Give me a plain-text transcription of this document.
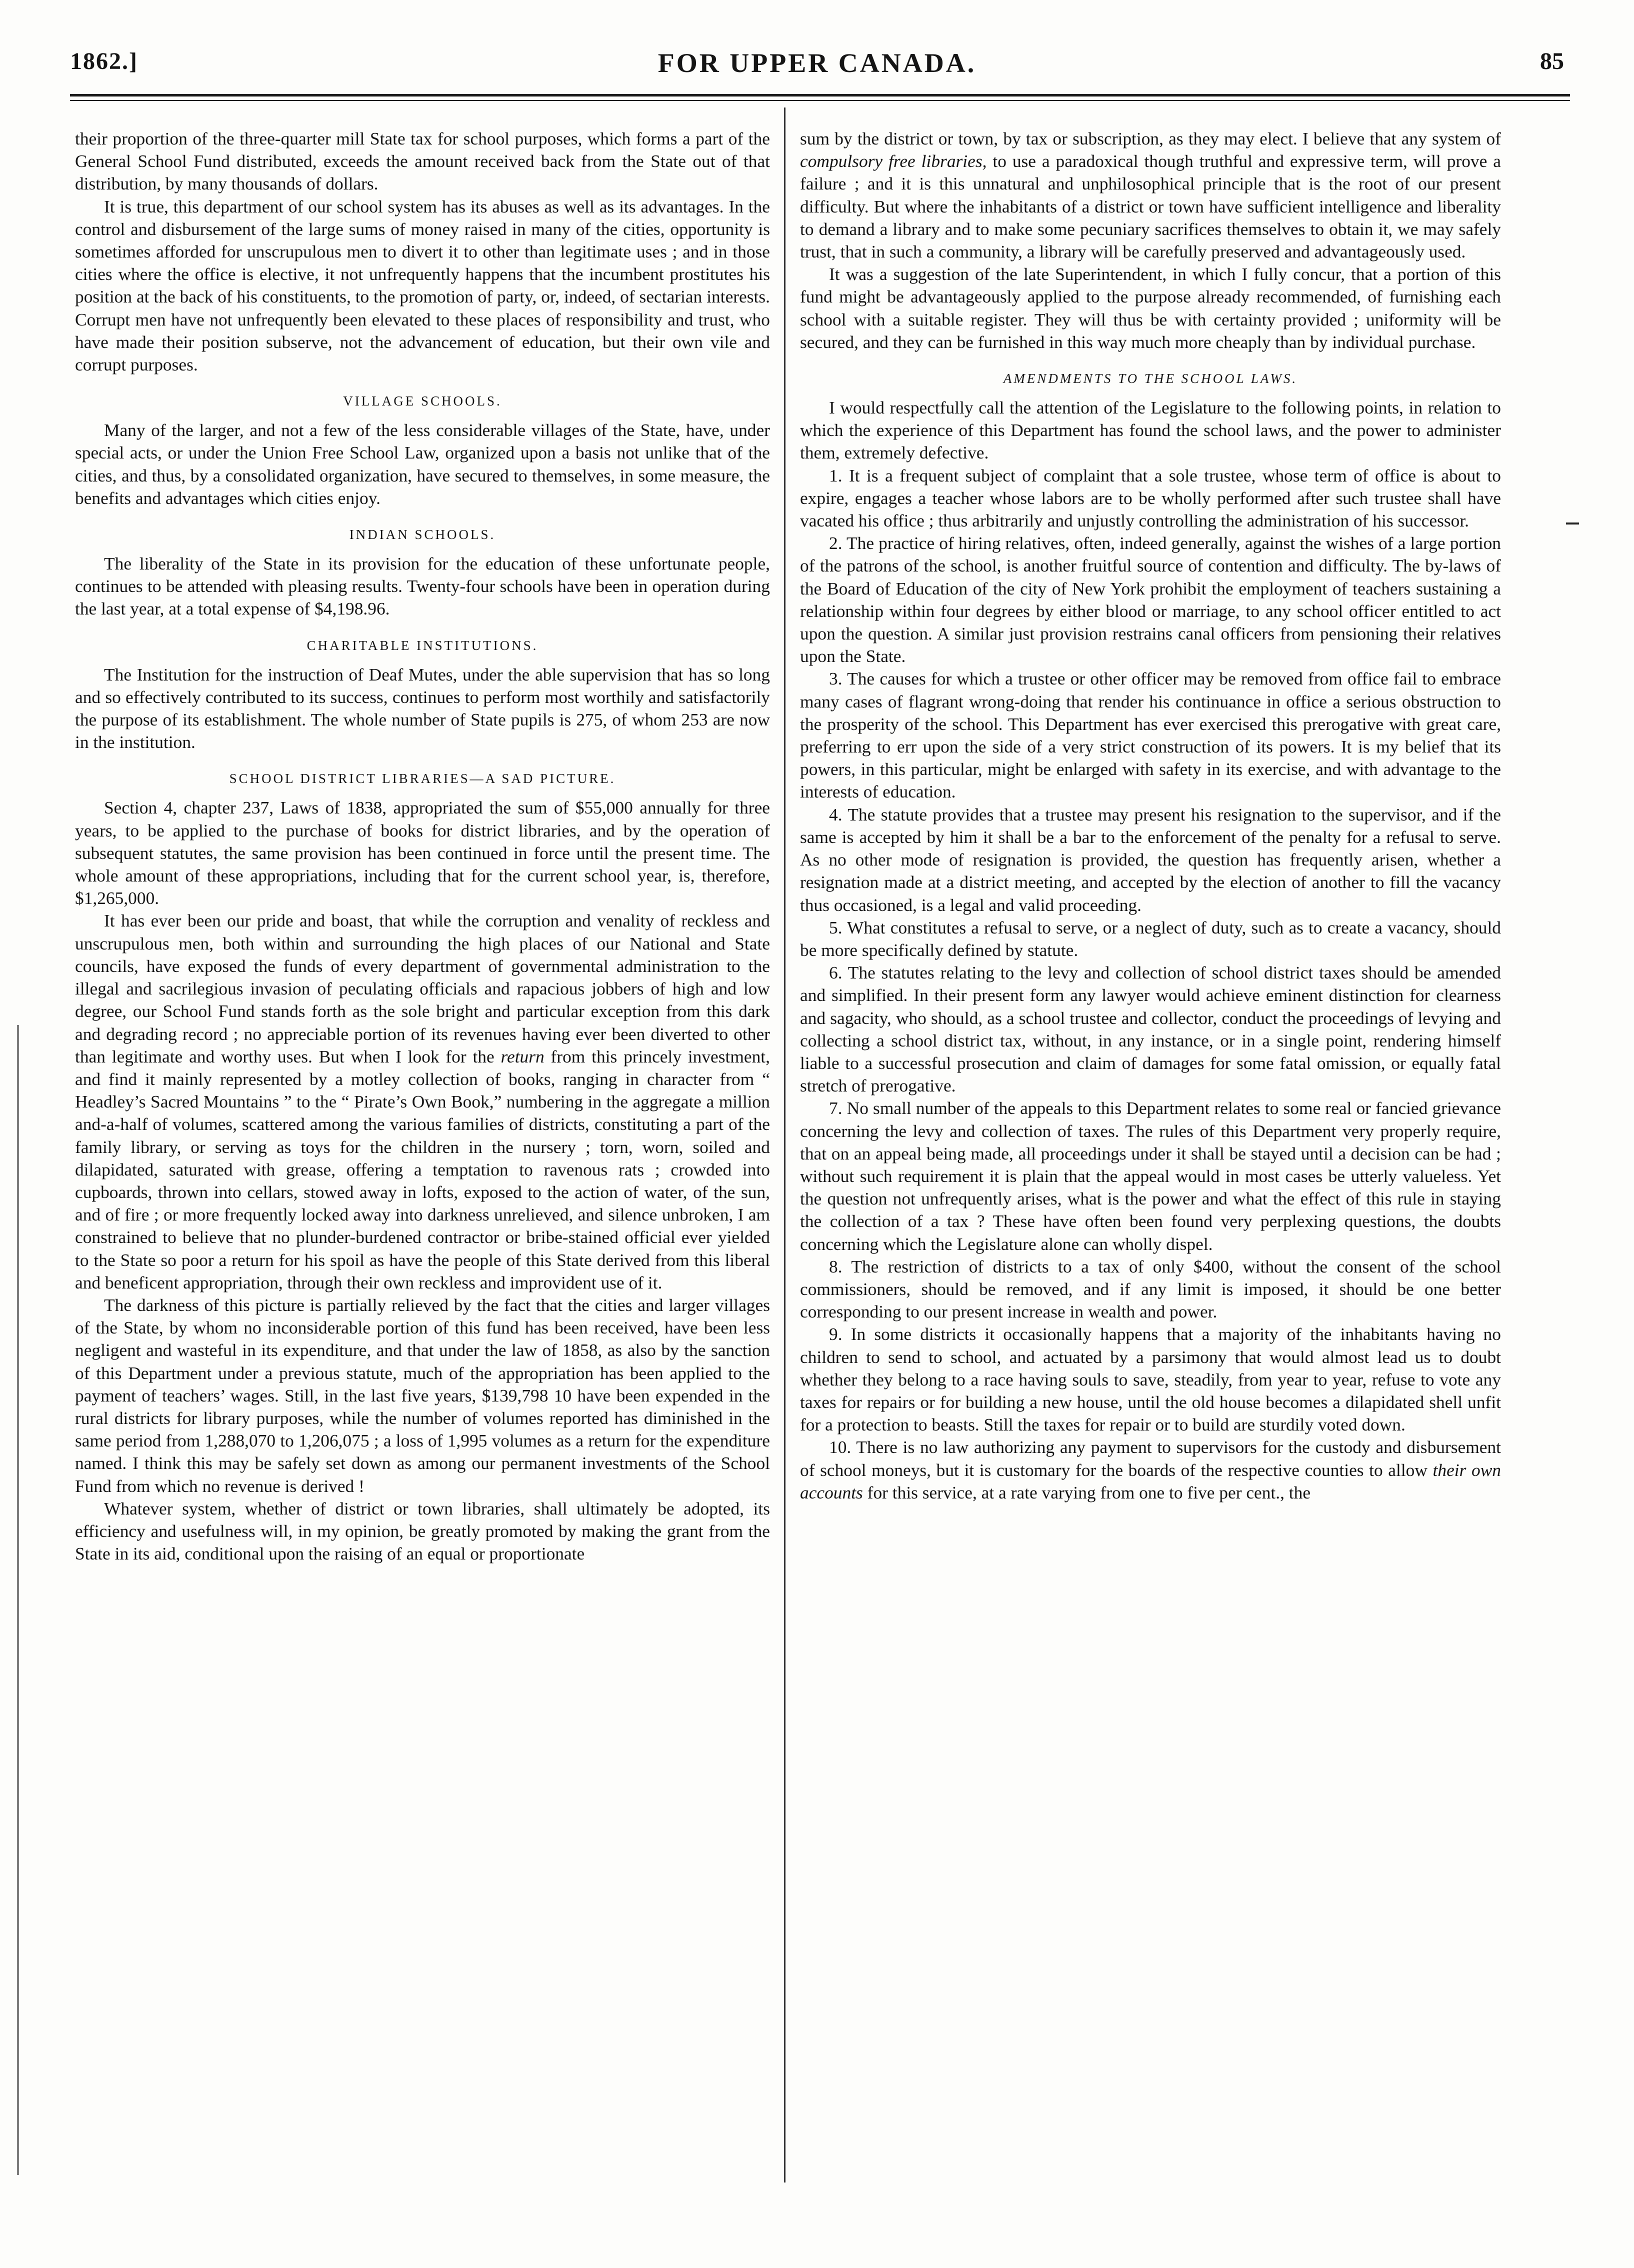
1862.]	FOR UPPER CANADA.	85

their proportion of the three-quarter mill State tax for school purposes, which forms a part of the General School Fund distributed, exceeds the amount received back from the State out of that distribution, by many thousands of dollars.

It is true, this department of our school system has its abuses as well as its advantages. In the control and disbursement of the large sums of money raised in many of the cities, opportunity is sometimes afforded for unscrupulous men to divert it to other than legitimate uses ; and in those cities where the office is elective, it not unfrequently happens that the incumbent prostitutes his position at the back of his constituents, to the promotion of party, or, indeed, of sectarian interests. Corrupt men have not unfrequently been elevated to these places of responsibility and trust, who have made their position subserve, not the advancement of education, but their own vile and corrupt purposes.

VILLAGE SCHOOLS.

Many of the larger, and not a few of the less considerable villages of the State, have, under special acts, or under the Union Free School Law, organized upon a basis not unlike that of the cities, and thus, by a consolidated organization, have secured to themselves, in some measure, the benefits and advantages which cities enjoy.

INDIAN SCHOOLS.

The liberality of the State in its provision for the education of these unfortunate people, continues to be attended with pleasing results. Twenty-four schools have been in operation during the last year, at a total expense of $4,198.96.

CHARITABLE INSTITUTIONS.

The Institution for the instruction of Deaf Mutes, under the able supervision that has so long and so effectively contributed to its success, continues to perform most worthily and satisfactorily the purpose of its establishment. The whole number of State pupils is 275, of whom 253 are now in the institution.

SCHOOL DISTRICT LIBRARIES—A SAD PICTURE.

Section 4, chapter 237, Laws of 1838, appropriated the sum of $55,000 annually for three years, to be applied to the purchase of books for district libraries, and by the operation of subsequent statutes, the same provision has been continued in force until the present time. The whole amount of these appropriations, including that for the current school year, is, therefore, $1,265,000.

It has ever been our pride and boast, that while the corruption and venality of reckless and unscrupulous men, both within and surrounding the high places of our National and State councils, have exposed the funds of every department of governmental administration to the illegal and sacrilegious invasion of peculating officials and rapacious jobbers of high and low degree, our School Fund stands forth as the sole bright and particular exception from this dark and degrading record ; no appreciable portion of its revenues having ever been diverted to other than legitimate and worthy uses. But when I look for the return from this princely investment, and find it mainly represented by a motley collection of books, ranging in character from “ Headley’s Sacred Mountains ” to the “ Pirate’s Own Book,” numbering in the aggregate a million and-a-half of volumes, scattered among the various families of districts, constituting a part of the family library, or serving as toys for the children in the nursery ; torn, worn, soiled and dilapidated, saturated with grease, offering a temptation to ravenous rats ; crowded into cupboards, thrown into cellars, stowed away in lofts, exposed to the action of water, of the sun, and of fire ; or more frequently locked away into darkness unrelieved, and silence unbroken, I am constrained to believe that no plunder-burdened contractor or bribe-stained official ever yielded to the State so poor a return for his spoil as have the people of this State derived from this liberal and beneficent appropriation, through their own reckless and improvident use of it.

The darkness of this picture is partially relieved by the fact that the cities and larger villages of the State, by whom no inconsiderable portion of this fund has been received, have been less negligent and wasteful in its expenditure, and that under the law of 1858, as also by the sanction of this Department under a previous statute, much of the appropriation has been applied to the payment of teachers’ wages. Still, in the last five years, $139,798 10 have been expended in the rural districts for library purposes, while the number of volumes reported has diminished in the same period from 1,288,070 to 1,206,075 ; a loss of 1,995 volumes as a return for the expenditure named. I think this may be safely set down as among our permanent investments of the School Fund from which no revenue is derived !

Whatever system, whether of district or town libraries, shall ultimately be adopted, its efficiency and usefulness will, in my opinion, be greatly promoted by making the grant from the State in its aid, conditional upon the raising of an equal or proportionate

sum by the district or town, by tax or subscription, as they may elect. I believe that any system of compulsory free libraries, to use a paradoxical though truthful and expressive term, will prove a failure ; and it is this unnatural and unphilosophical principle that is the root of our present difficulty. But where the inhabitants of a district or town have sufficient intelligence and liberality to demand a library and to make some pecuniary sacrifices themselves to obtain it, we may safely trust, that in such a community, a library will be carefully preserved and advantageously used.

It was a suggestion of the late Superintendent, in which I fully concur, that a portion of this fund might be advantageously applied to the purpose already recommended, of furnishing each school with a suitable register. They will thus be with certainty provided ; uniformity will be secured, and they can be furnished in this way much more cheaply than by individual purchase.

AMENDMENTS TO THE SCHOOL LAWS.

I would respectfully call the attention of the Legislature to the following points, in relation to which the experience of this Department has found the school laws, and the power to administer them, extremely defective.

1. It is a frequent subject of complaint that a sole trustee, whose term of office is about to expire, engages a teacher whose labors are to be wholly performed after such trustee shall have vacated his office ; thus arbitrarily and unjustly controlling the administration of his successor.

2. The practice of hiring relatives, often, indeed generally, against the wishes of a large portion of the patrons of the school, is another fruitful source of contention and difficulty. The by-laws of the Board of Education of the city of New York prohibit the employment of teachers sustaining a relationship within four degrees by either blood or marriage, to any school officer entitled to act upon the question. A similar just provision restrains canal officers from pensioning their relatives upon the State.

3. The causes for which a trustee or other officer may be removed from office fail to embrace many cases of flagrant wrong-doing that render his continuance in office a serious obstruction to the prosperity of the school. This Department has ever exercised this prerogative with great care, preferring to err upon the side of a very strict construction of its powers. It is my belief that its powers, in this particular, might be enlarged with safety in its exercise, and with advantage to the interests of education.

4. The statute provides that a trustee may present his resignation to the supervisor, and if the same is accepted by him it shall be a bar to the enforcement of the penalty for a refusal to serve. As no other mode of resignation is provided, the question has frequently arisen, whether a resignation made at a district meeting, and accepted by the election of another to fill the vacancy thus occasioned, is a legal and valid proceeding.

5. What constitutes a refusal to serve, or a neglect of duty, such as to create a vacancy, should be more specifically defined by statute.

6. The statutes relating to the levy and collection of school district taxes should be amended and simplified. In their present form any lawyer would achieve eminent distinction for clearness and sagacity, who should, as a school trustee and collector, conduct the proceedings of levying and collecting a school district tax, without, in any instance, or in a single point, rendering himself liable to a successful prosecution and claim of damages for some fatal omission, or equally fatal stretch of prerogative.

7. No small number of the appeals to this Department relates to some real or fancied grievance concerning the levy and collection of taxes. The rules of this Department very properly require, that on an appeal being made, all proceedings under it shall be stayed until a decision can be had ; without such requirement it is plain that the appeal would in most cases be utterly valueless. Yet the question not unfrequently arises, what is the power and what the effect of this rule in staying the collection of a tax ? These have often been found very perplexing questions, the doubts concerning which the Legislature alone can wholly dispel.

8. The restriction of districts to a tax of only $400, without the consent of the school commissioners, should be removed, and if any limit is imposed, it should be one better corresponding to our present increase in wealth and power.

9. In some districts it occasionally happens that a majority of the inhabitants having no children to send to school, and actuated by a parsimony that would almost lead us to doubt whether they belong to a race having souls to save, steadily, from year to year, refuse to vote any taxes for repairs or for building a new house, until the old house becomes a dilapidated shell unfit for a protection to beasts. Still the taxes for repair or to build are sturdily voted down.

10. There is no law authorizing any payment to supervisors for the custody and disbursement of school moneys, but it is customary for the boards of the respective counties to allow their own accounts for this service, at a rate varying from one to five per cent., the
